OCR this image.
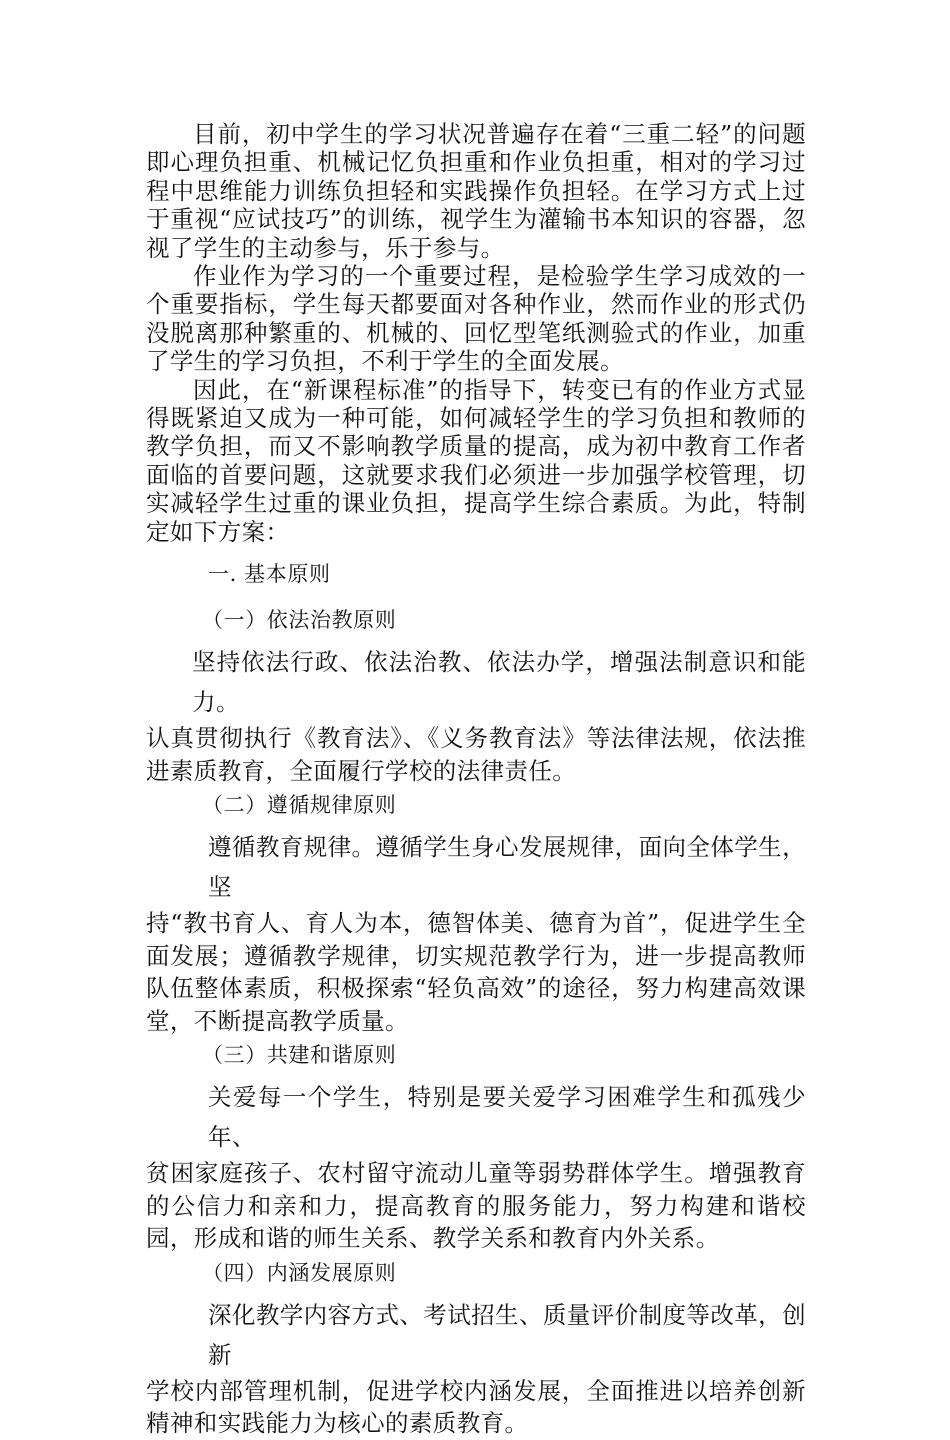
目前，初中学生的学习状况普遍存在着“三重二轻”的问题即心理负担重、机械记忆负担重和作业负担重，相对的学习过程中思维能力训练负担轻和实践操作负担轻。在学习方式上过于重视“应试技巧”的训练，视学生为灌输书本知识的容器，忽视了学生的主动参与，乐于参与。

作业作为学习的一个重要过程，是检验学生学习成效的一个重要指标，学生每天都要面对各种作业，然而作业的形式仍没脱离那种繁重的、机械的、回忆型笔纸测验式的作业，加重了学生的学习负担，不利于学生的全面发展。

因此，在“新课程标准”的指导下，转变已有的作业方式显得既紧迫又成为一种可能，如何减轻学生的学习负担和教师的教学负担，而又不影响教学质量的提高，成为初中教育工作者面临的首要问题，这就要求我们必须进一步加强学校管理，切实减轻学生过重的课业负担，提高学生综合素质。为此，特制定如下方案：

一. 基本原则

（一）依法治教原则

坚持依法行政、依法治教、依法办学，增强法制意识和能力。
认真贯彻执行《教育法》、《义务教育法》等法律法规，依法推进素质教育，全面履行学校的法律责任。

（二）遵循规律原则

遵循教育规律。遵循学生身心发展规律，面向全体学生，坚
持“教书育人、育人为本，德智体美、德育为首”，促进学生全面发展；遵循教学规律，切实规范教学行为，进一步提高教师队伍整体素质，积极探索“轻负高效”的途径，努力构建高效课堂，不断提高教学质量。

（三）共建和谐原则

关爱每一个学生，特别是要关爱学习困难学生和孤残少年、
贫困家庭孩子、农村留守流动儿童等弱势群体学生。增强教育的公信力和亲和力，提高教育的服务能力，努力构建和谐校园，形成和谐的师生关系、教学关系和教育内外关系。

（四）内涵发展原则

深化教学内容方式、考试招生、质量评价制度等改革，创新
学校内部管理机制，促进学校内涵发展，全面推进以培养创新精神和实践能力为核心的素质教育。
